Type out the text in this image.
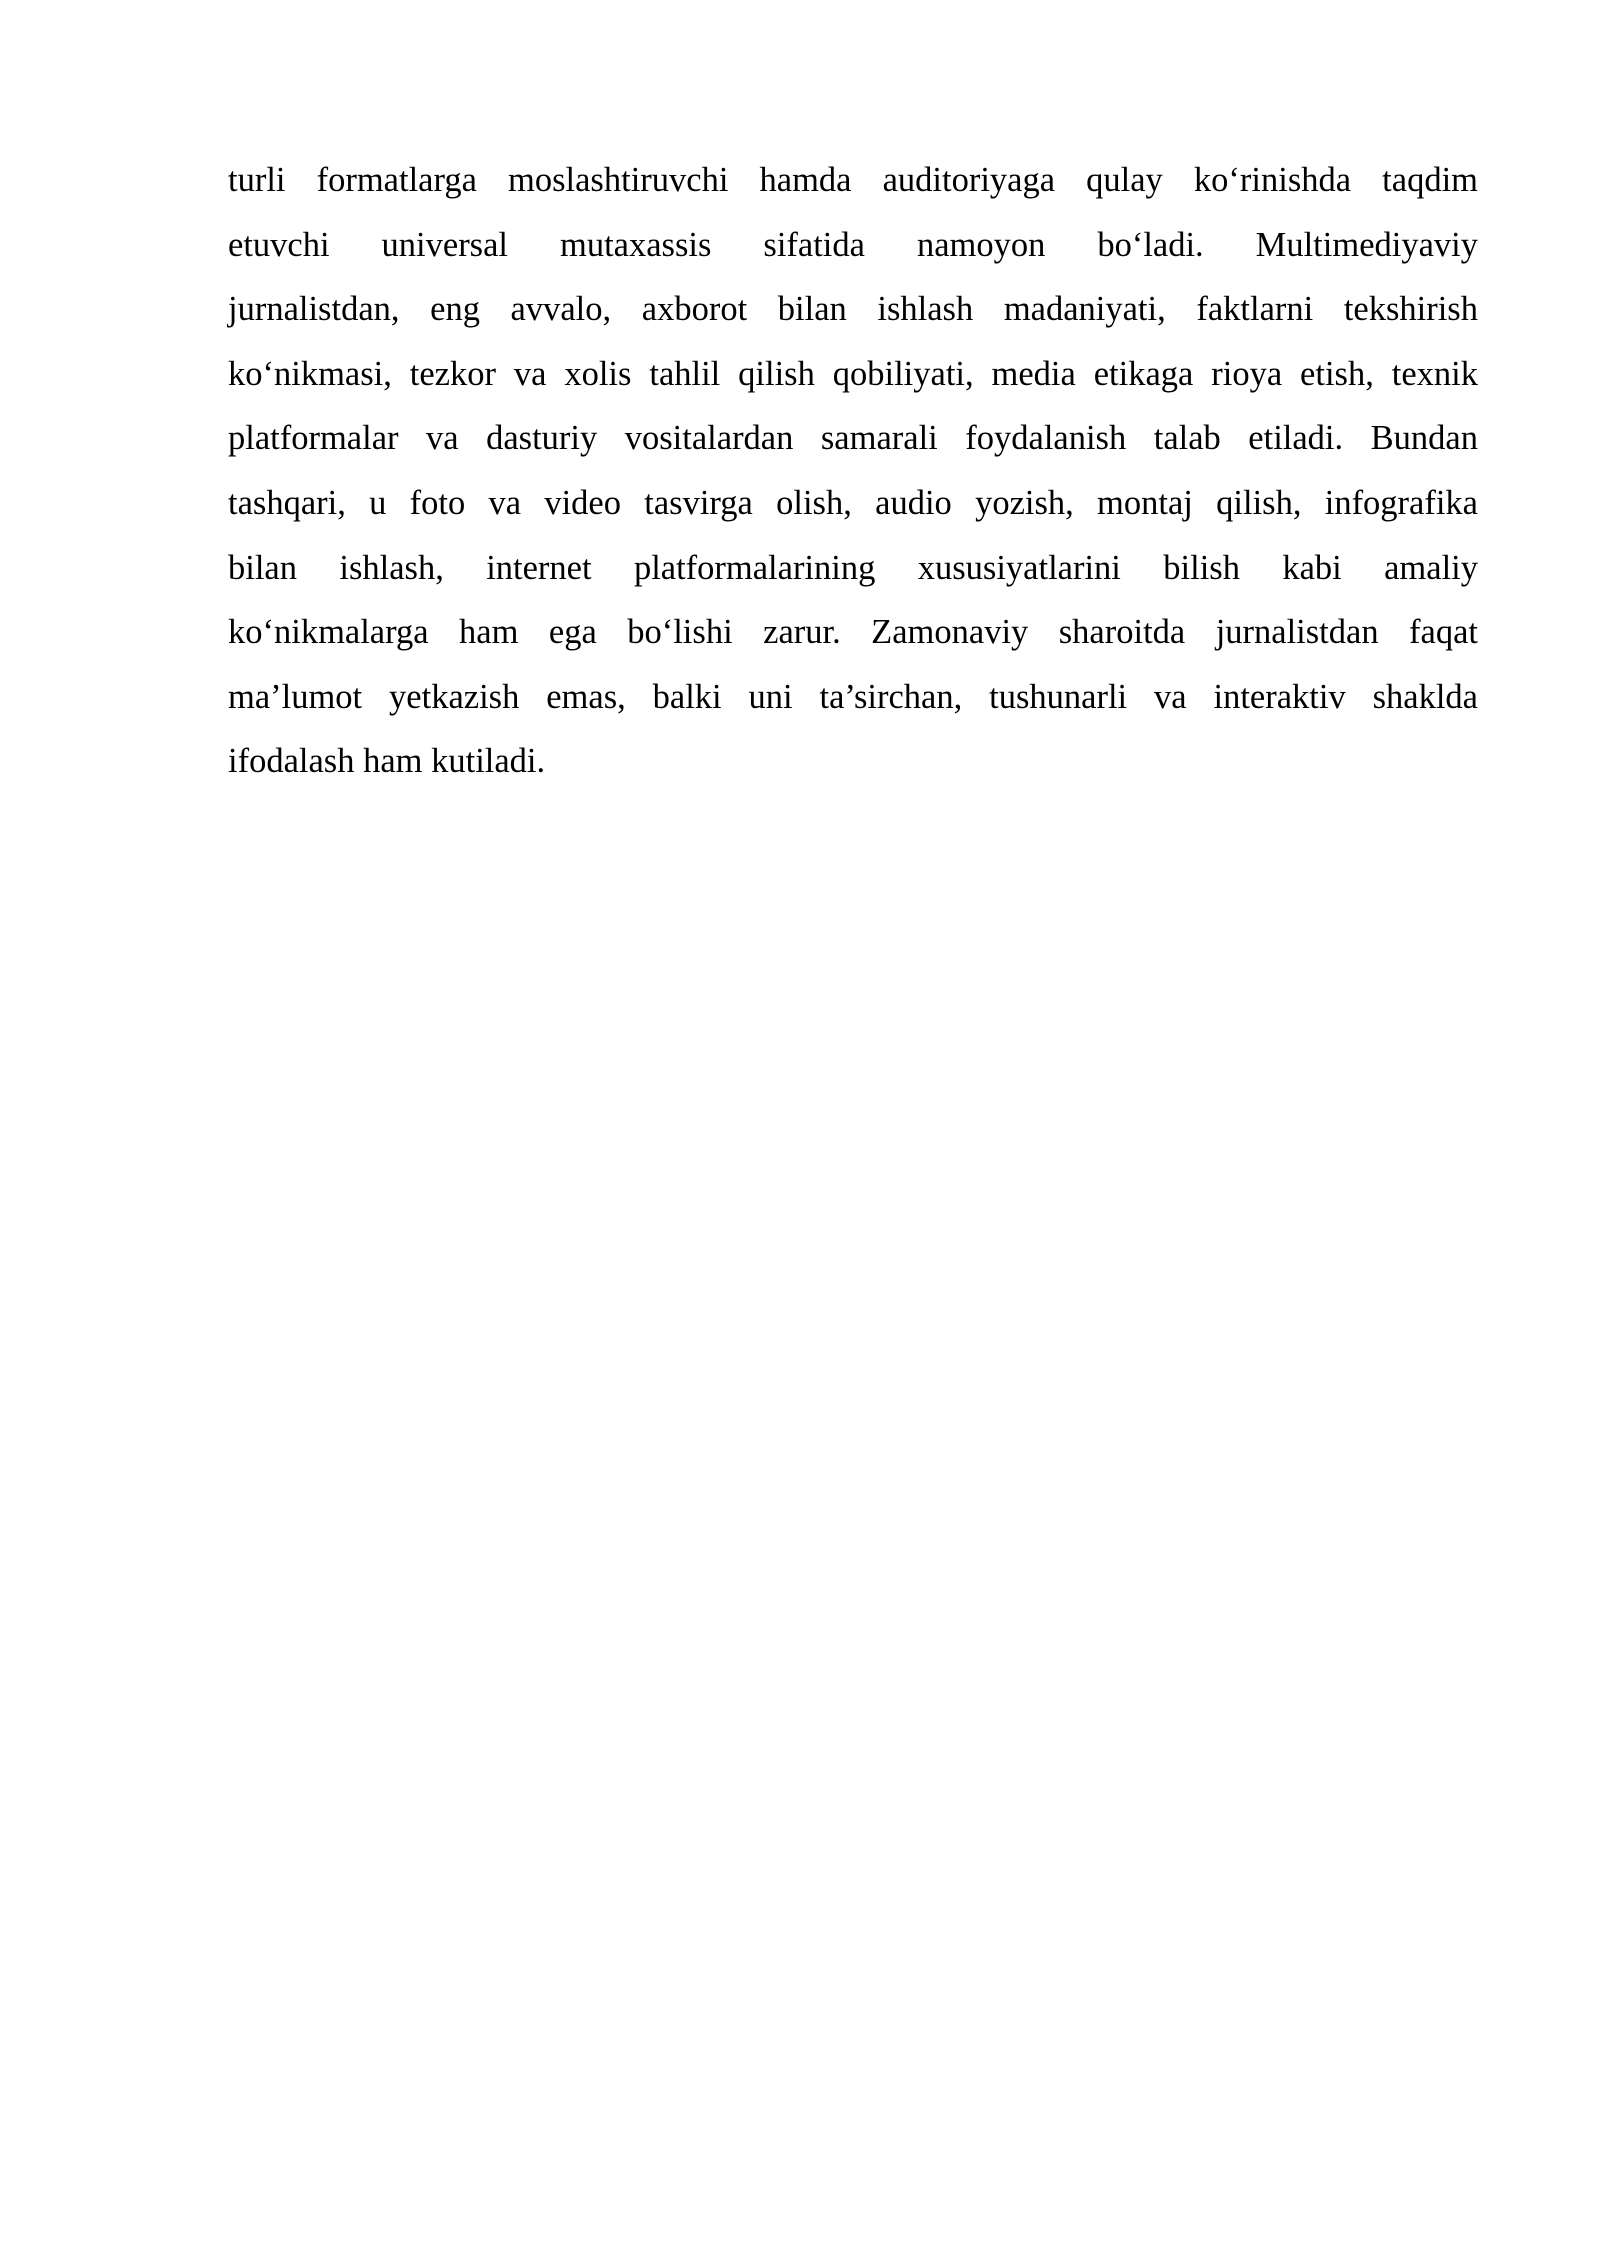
turli formatlarga moslashtiruvchi hamda auditoriyaga qulay ko‘rinishda taqdim
etuvchi universal mutaxassis sifatida namoyon bo‘ladi. Multimediyaviy
jurnalistdan, eng avvalo, axborot bilan ishlash madaniyati, faktlarni tekshirish
ko‘nikmasi, tezkor va xolis tahlil qilish qobiliyati, media etikaga rioya etish, texnik
platformalar va dasturiy vositalardan samarali foydalanish talab etiladi. Bundan
tashqari, u foto va video tasvirga olish, audio yozish, montaj qilish, infografika
bilan ishlash, internet platformalarining xususiyatlarini bilish kabi amaliy
ko‘nikmalarga ham ega bo‘lishi zarur. Zamonaviy sharoitda jurnalistdan faqat
ma’lumot yetkazish emas, balki uni ta’sirchan, tushunarli va interaktiv shaklda
ifodalash ham kutiladi.
